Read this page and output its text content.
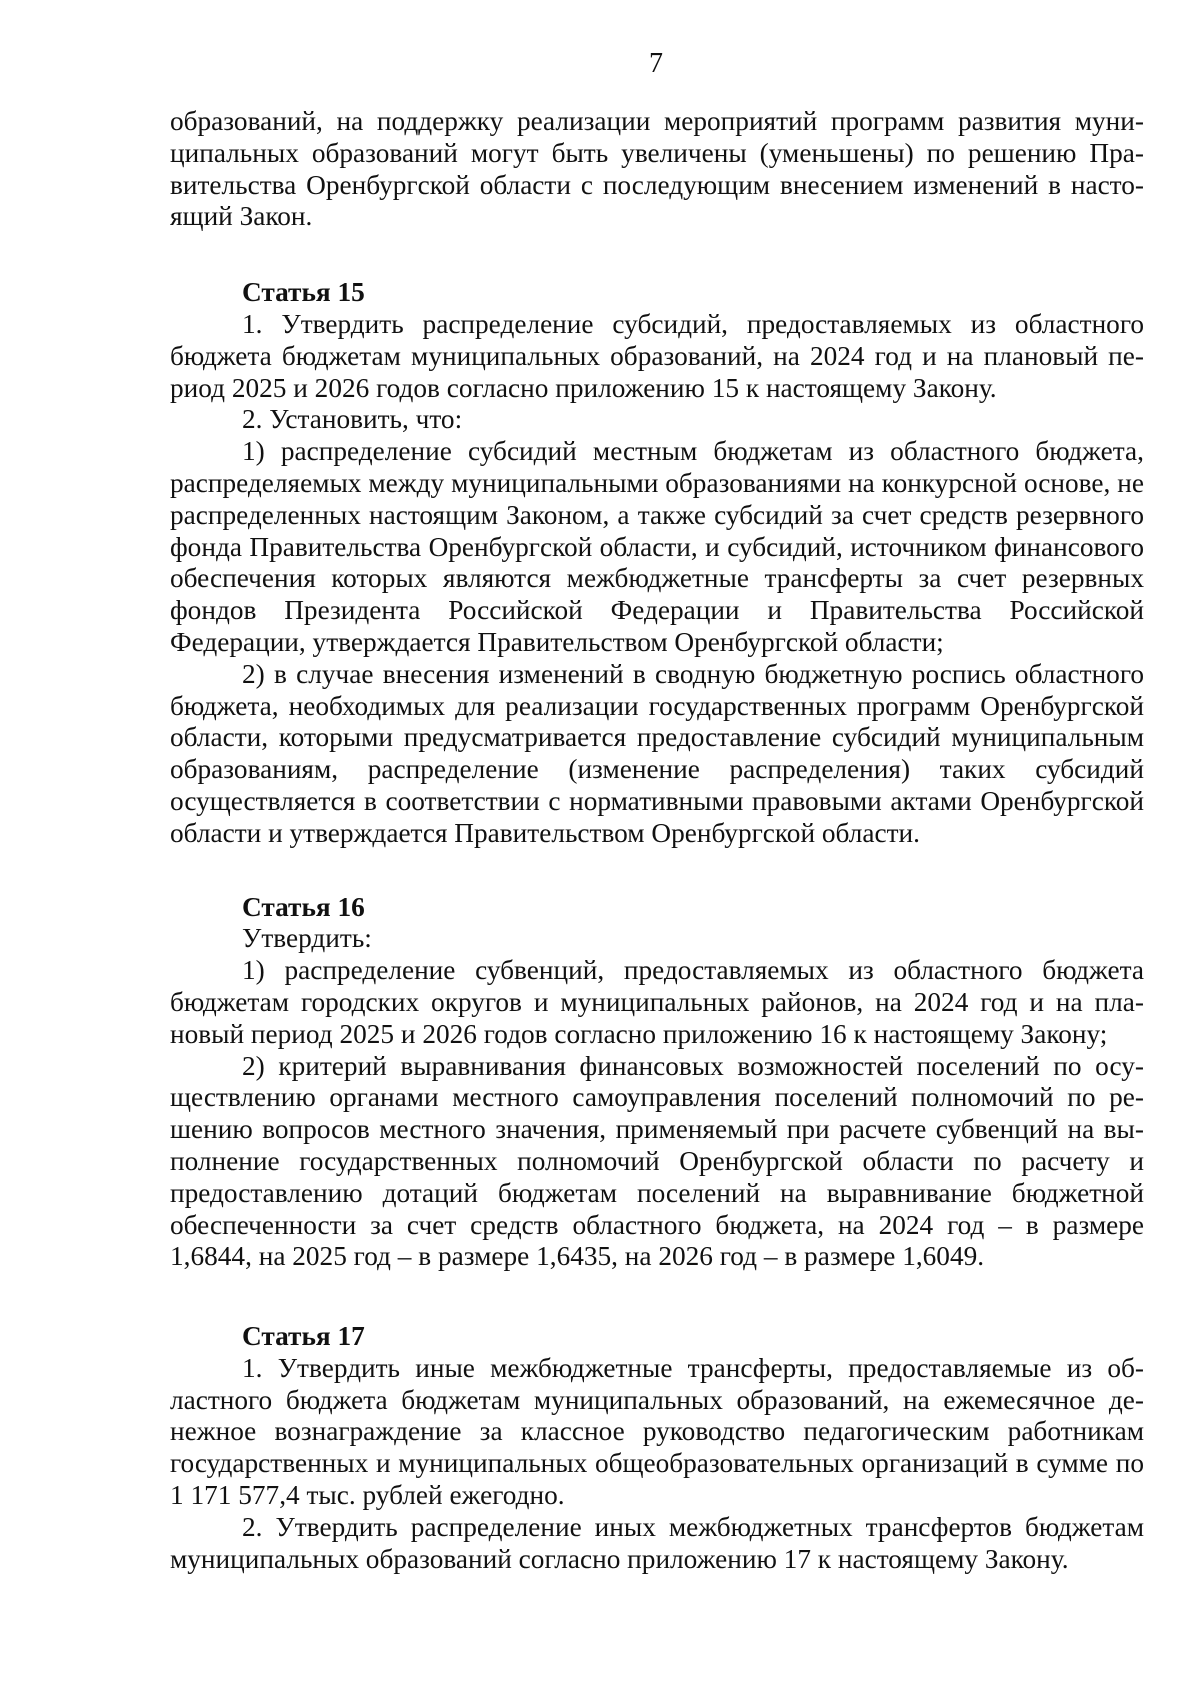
7

образований, на поддержку реализации мероприятий программ развития муниципальных образований могут быть увеличены (уменьшены) по решению Правительства Оренбургской области с последующим внесением изменений в настоящий Закон.

Статья 15

1. Утвердить распределение субсидий, предоставляемых из областного бюджета бюджетам муниципальных образований, на 2024 год и на плановый период 2025 и 2026 годов согласно приложению 15 к настоящему Закону.

2. Установить, что:

1) распределение субсидий местным бюджетам из областного бюджета, распределяемых между муниципальными образованиями на конкурсной основе, не распределенных настоящим Законом, а также субсидий за счет средств резервного фонда Правительства Оренбургской области, и субсидий, источником финансового обеспечения которых являются межбюджетные трансферты за счет резервных фондов Президента Российской Федерации и Правительства Российской Федерации, утверждается Правительством Оренбургской области;

2) в случае внесения изменений в сводную бюджетную роспись областного бюджета, необходимых для реализации государственных программ Оренбургской области, которыми предусматривается предоставление субсидий муниципальным образованиям, распределение (изменение распределения) таких субсидий осуществляется в соответствии с нормативными правовыми актами Оренбургской области и утверждается Правительством Оренбургской области.

Статья 16

Утвердить:

1) распределение субвенций, предоставляемых из областного бюджета бюджетам городских округов и муниципальных районов, на 2024 год и на плановый период 2025 и 2026 годов согласно приложению 16 к настоящему Закону;

2) критерий выравнивания финансовых возможностей поселений по осуществлению органами местного самоуправления поселений полномочий по решению вопросов местного значения, применяемый при расчете субвенций на выполнение государственных полномочий Оренбургской области по расчету и предоставлению дотаций бюджетам поселений на выравнивание бюджетной обеспеченности за счет средств областного бюджета, на 2024 год – в размере 1,6844, на 2025 год – в размере 1,6435, на 2026 год – в размере 1,6049.

Статья 17

1. Утвердить иные межбюджетные трансферты, предоставляемые из областного бюджета бюджетам муниципальных образований, на ежемесячное денежное вознаграждение за классное руководство педагогическим работникам государственных и муниципальных общеобразовательных организаций в сумме по 1 171 577,4 тыс. рублей ежегодно.

2. Утвердить распределение иных межбюджетных трансфертов бюджетам муниципальных образований согласно приложению 17 к настоящему Закону.
